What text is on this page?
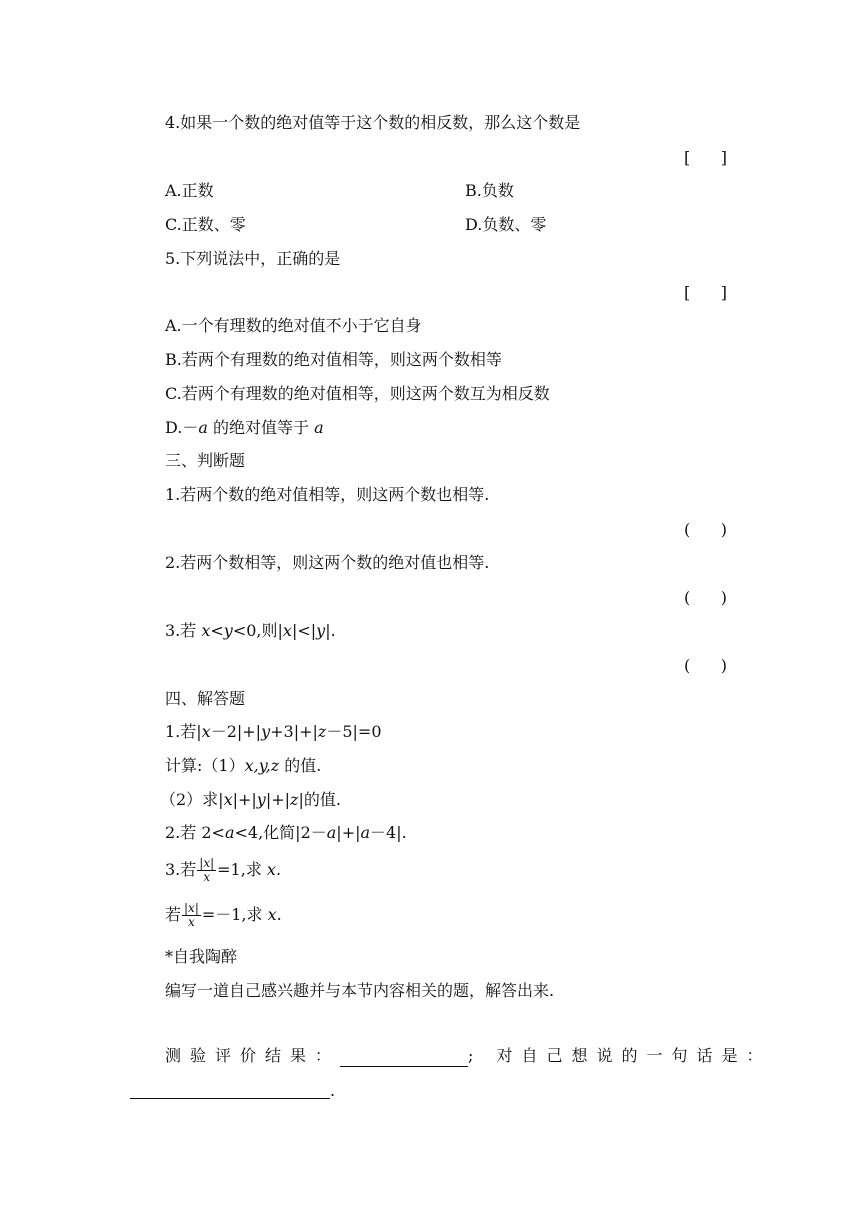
4.如果一个数的绝对值等于这个数的相反数，那么这个数是
[      ]
A.正数	B.负数
C.正数、零	D.负数、零
5.下列说法中，正确的是
[      ]
A.一个有理数的绝对值不小于它自身
B.若两个有理数的绝对值相等，则这两个数相等
C.若两个有理数的绝对值相等，则这两个数互为相反数
D.－a 的绝对值等于 a
三、判断题
1.若两个数的绝对值相等，则这两个数也相等.
(      )
2.若两个数相等，则这两个数的绝对值也相等.
(      )
3.若 x<y<0,则|x|<|y|.
(      )
四、解答题
1.若|x－2|+|y+3|+|z－5|=0
计算:（1）x,y,z 的值.
（2）求|x|+|y|+|z|的值.
2.若 2<a<4,化简|2－a|+|a－4|.
3.若 $\frac{|x|}{x} =1$,求 x.
若 $\frac{|x|}{x} =-1$,求 x.
*自我陶醉
编写一道自己感兴趣并与本节内容相关的题，解答出来.
测验评价结果：	; 对自己想说的一句话是：
.
